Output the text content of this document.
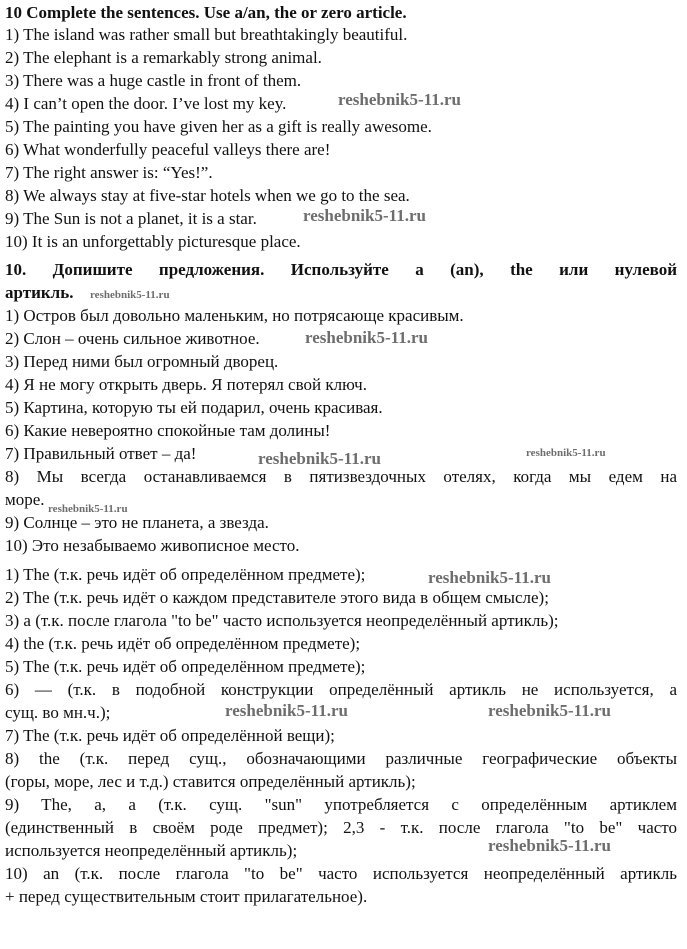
10 Complete the sentences. Use a/an, the or zero article.
1) The island was rather small but breathtakingly beautiful.
2) The elephant is a remarkably strong animal.
3) There was a huge castle in front of them.
4) I can’t open the door. I’ve lost my key.
5) The painting you have given her as a gift is really awesome.
6) What wonderfully peaceful valleys there are!
7) The right answer is: “Yes!”.
8) We always stay at five-star hotels when we go to the sea.
9) The Sun is not a planet, it is a star.
10) It is an unforgettably picturesque place.
10. Допишите предложения. Используйте a (an), the или нулевой
артикль.
1) Остров был довольно маленьким, но потрясающе красивым.
2) Слон – очень сильное животное.
3) Перед ними был огромный дворец.
4) Я не могу открыть дверь. Я потерял свой ключ.
5) Картина, которую ты ей подарил, очень красивая.
6) Какие невероятно спокойные там долины!
7) Правильный ответ – да!
8) Мы всегда останавливаемся в пятизвездочных отелях, когда мы едем на
море.
9) Солнце – это не планета, а звезда.
10) Это незабываемо живописное место.
1) The (т.к. речь идёт об определённом предмете);
2) The (т.к. речь идёт о каждом представителе этого вида в общем смысле);
3) a (т.к. после глагола "to be" часто используется неопределённый артикль);
4) the (т.к. речь идёт об определённом предмете);
5) The (т.к. речь идёт об определённом предмете);
6) — (т.к. в подобной конструкции определённый артикль не используется, а
сущ. во мн.ч.);
7) The (т.к. речь идёт об определённой вещи);
8) the (т.к. перед сущ., обозначающими различные географические объекты
(горы, море, лес и т.д.) ставится определённый артикль);
9) The, a, a (т.к. сущ. "sun" употребляется с определённым артиклем
(единственный в своём роде предмет); 2,3 - т.к. после глагола "to be" часто
используется неопределённый артикль);
10) an (т.к. после глагола "to be" часто используется неопределённый артикль
+ перед существительным стоит прилагательное).
reshebnik5-11.ru
reshebnik5-11.ru
reshebnik5-11.ru
reshebnik5-11.ru
reshebnik5-11.ru	reshebnik5-11.ru
reshebnik5-11.ru
reshebnik5-11.ru
reshebnik5-11.ru	reshebnik5-11.ru
reshebnik5-11.ru
